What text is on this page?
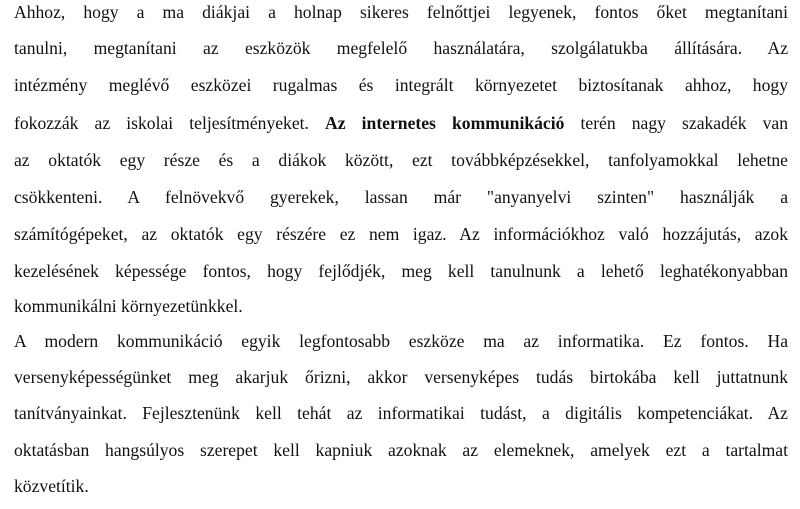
Ahhoz, hogy a ma diákjai a holnap sikeres felnőttjei legyenek, fontos őket megtanítani
tanulni, megtanítani az eszközök megfelelő használatára, szolgálatukba állítására. Az
intézmény meglévő eszközei rugalmas és integrált környezetet biztosítanak ahhoz, hogy
fokozzák az iskolai teljesítményeket. Az internetes kommunikáció terén nagy szakadék van
az oktatók egy része és a diákok között, ezt továbbképzésekkel, tanfolyamokkal lehetne
csökkenteni. A felnövekvő gyerekek, lassan már "anyanyelvi szinten" használják a
számítógépeket, az oktatók egy részére ez nem igaz. Az információkhoz való hozzájutás, azok
kezelésének képessége fontos, hogy fejlődjék, meg kell tanulnunk a lehető leghatékonyabban
kommunikálni környezetünkkel.
A modern kommunikáció egyik legfontosabb eszköze ma az informatika. Ez fontos. Ha
versenyképességünket meg akarjuk őrizni, akkor versenyképes tudás birtokába kell juttatnunk
tanítványainkat. Fejlesztenünk kell tehát az informatikai tudást, a digitális kompetenciákat. Az
oktatásban hangsúlyos szerepet kell kapniuk azoknak az elemeknek, amelyek ezt a tartalmat
közvetítik.
